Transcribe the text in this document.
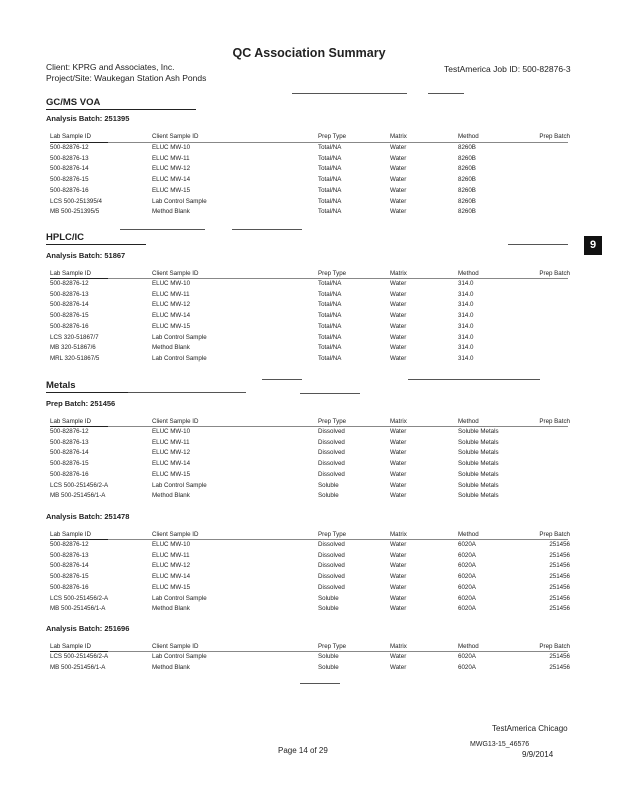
QC Association Summary
Client: KPRG and Associates, Inc.
Project/Site: Waukegan Station Ash Ponds
TestAmerica Job ID: 500-82876-3
9
GC/MS VOA
Analysis Batch: 251395
Lab Sample ID	Client Sample ID	Prep Type	Matrix	Method	Prep Batch
500-82876-12	ELUC MW-10	Total/NA	Water	8260B
500-82876-13	ELUC MW-11	Total/NA	Water	8260B
500-82876-14	ELUC MW-12	Total/NA	Water	8260B
500-82876-15	ELUC MW-14	Total/NA	Water	8260B
500-82876-16	ELUC MW-15	Total/NA	Water	8260B
LCS 500-251395/4	Lab Control Sample	Total/NA	Water	8260B
MB 500-251395/5	Method Blank	Total/NA	Water	8260B
HPLC/IC
Analysis Batch: 51867
Lab Sample ID	Client Sample ID	Prep Type	Matrix	Method	Prep Batch
500-82876-12	ELUC MW-10	Total/NA	Water	314.0
500-82876-13	ELUC MW-11	Total/NA	Water	314.0
500-82876-14	ELUC MW-12	Total/NA	Water	314.0
500-82876-15	ELUC MW-14	Total/NA	Water	314.0
500-82876-16	ELUC MW-15	Total/NA	Water	314.0
LCS 320-51867/7	Lab Control Sample	Total/NA	Water	314.0
MB 320-51867/6	Method Blank	Total/NA	Water	314.0
MRL 320-51867/5	Lab Control Sample	Total/NA	Water	314.0
Metals
Prep Batch: 251456
Lab Sample ID	Client Sample ID	Prep Type	Matrix	Method	Prep Batch
500-82876-12	ELUC MW-10	Dissolved	Water	Soluble Metals
500-82876-13	ELUC MW-11	Dissolved	Water	Soluble Metals
500-82876-14	ELUC MW-12	Dissolved	Water	Soluble Metals
500-82876-15	ELUC MW-14	Dissolved	Water	Soluble Metals
500-82876-16	ELUC MW-15	Dissolved	Water	Soluble Metals
LCS 500-251456/2-A	Lab Control Sample	Soluble	Water	Soluble Metals
MB 500-251456/1-A	Method Blank	Soluble	Water	Soluble Metals
Analysis Batch: 251478
Lab Sample ID	Client Sample ID	Prep Type	Matrix	Method	Prep Batch
500-82876-12	ELUC MW-10	Dissolved	Water	6020A	251456
500-82876-13	ELUC MW-11	Dissolved	Water	6020A	251456
500-82876-14	ELUC MW-12	Dissolved	Water	6020A	251456
500-82876-15	ELUC MW-14	Dissolved	Water	6020A	251456
500-82876-16	ELUC MW-15	Dissolved	Water	6020A	251456
LCS 500-251456/2-A	Lab Control Sample	Soluble	Water	6020A	251456
MB 500-251456/1-A	Method Blank	Soluble	Water	6020A	251456
Analysis Batch: 251696
Lab Sample ID	Client Sample ID	Prep Type	Matrix	Method	Prep Batch
LCS 500-251456/2-A	Lab Control Sample	Soluble	Water	6020A	251456
MB 500-251456/1-A	Method Blank	Soluble	Water	6020A	251456
TestAmerica Chicago
Page 14 of 29
MWG13-15_46576
9/9/2014
